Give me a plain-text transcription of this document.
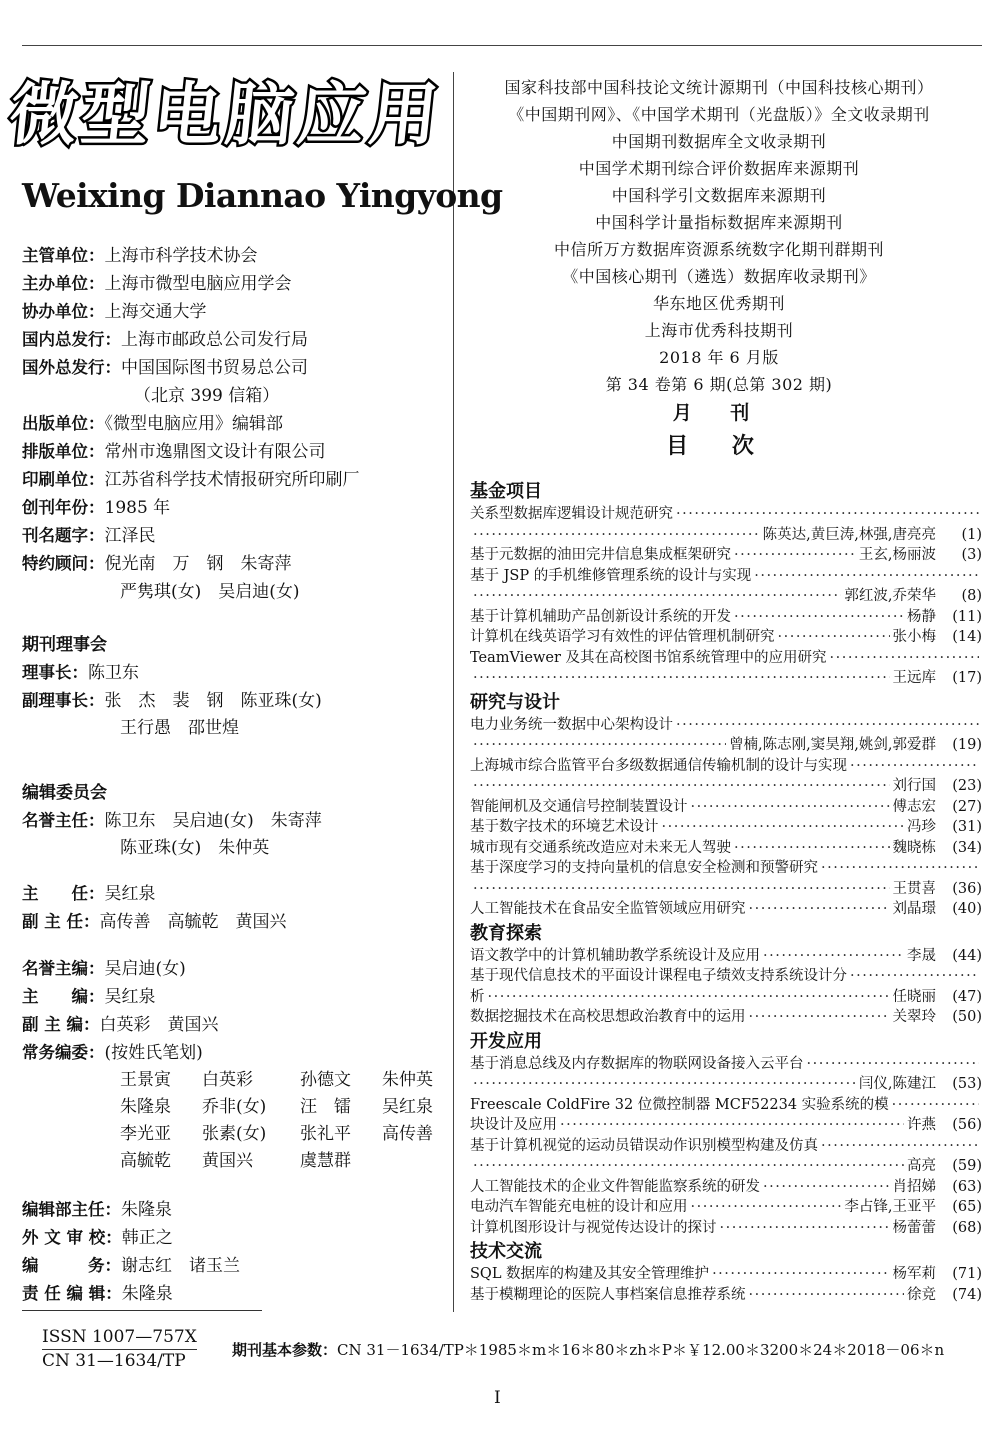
微型电脑应用
Weixing Diannao Yingyong
主管单位：上海市科学技术协会
主办单位：上海市微型电脑应用学会
协办单位：上海交通大学
国内总发行：上海市邮政总公司发行局
国外总发行：中国国际图书贸易总公司
（北京 399 信箱）
出版单位：《微型电脑应用》编辑部
排版单位：常州市逸鼎图文设计有限公司
印刷单位：江苏省科学技术情报研究所印刷厂
创刊年份：1985 年
刊名题字：江泽民
特约顾问：倪光南　万　钢　朱寄萍
严隽琪(女)　吴启迪(女)
期刊理事会
理事长：陈卫东
副理事长：张　杰　裴　钢　陈亚珠(女)
王行愚　邵世煌
编辑委员会
名誉主任：陈卫东　吴启迪(女)　朱寄萍
陈亚珠(女)　朱仲英
主　　任：吴红泉
副 主 任：高传善　高毓乾　黄国兴
名誉主编：吴启迪(女)
主　　编：吴红泉
副 主 编：白英彩　黄国兴
常务编委：(按姓氏笔划)
王景寅	白英彩	孙德文	朱仲英
朱隆泉	乔非(女)	汪　镭	吴红泉
李光亚	张素(女)	张礼平	高传善
高毓乾	黄国兴	虞慧群
编辑部主任：朱隆泉
外 文 审 校：韩正之
编　　　务：谢志红　诸玉兰
责 任 编 辑：朱隆泉
ISSN 1007—757X
CN 31—1634/TP
期刊基本参数：CN 31－1634/TP＊1985＊m＊16＊80＊zh＊P＊￥12.00＊3200＊24＊2018－06＊n
Ⅰ
国家科技部中国科技论文统计源期刊（中国科技核心期刊）
《中国期刊网》、《中国学术期刊（光盘版）》全文收录期刊
中国期刊数据库全文收录期刊
中国学术期刊综合评价数据库来源期刊
中国科学引文数据库来源期刊
中国科学计量指标数据库来源期刊
中信所万方数据库资源系统数字化期刊群期刊
《中国核心期刊（遴选）数据库收录期刊》
华东地区优秀期刊
上海市优秀科技期刊
2018 年 6 月版
第 34 卷第 6 期(总第 302 期)
月 刊
目 次
基金项目
关系型数据库逻辑设计规范研究
·····
·····
陈英达,黄巨涛,林强,唐亮亮	(1)
基于元数据的油田完井信息集成框架研究 ·····	王玄,杨丽波	(3)
基于 JSP 的手机维修管理系统的设计与实现
·····
·····
郭红波,乔荣华	(8)
基于计算机辅助产品创新设计系统的开发 ·····	杨静	(11)
计算机在线英语学习有效性的评估管理机制研究 ·····	张小梅	(14)
TeamViewer 及其在高校图书馆系统管理中的应用研究
·····
·····
王远库	(17)
研究与设计
电力业务统一数据中心架构设计
·····
·····
曾楠,陈志刚,窦昊翔,姚剑,郭爱群	(19)
上海城市综合监管平台多级数据通信传输机制的设计与实现
·····
·····
刘行国	(23)
智能闸机及交通信号控制装置设计 ·····	傅志宏	(27)
基于数字技术的环境艺术设计 ·····	冯珍	(31)
城市现有交通系统改造应对未来无人驾驶 ·····	魏晓栋	(34)
基于深度学习的支持向量机的信息安全检测和预警研究
·····
·····
王贯喜	(36)
人工智能技术在食品安全监管领域应用研究 ·····	刘晶璟	(40)
教育探索
语文教学中的计算机辅助教学系统设计及应用 ·····	李晟	(44)
基于现代信息技术的平面设计课程电子绩效支持系统设计分
·····
析 ·····	任晓丽	(47)
数据挖掘技术在高校思想政治教育中的运用 ·····	关翠玲	(50)
开发应用
基于消息总线及内存数据库的物联网设备接入云平台
·····
·····
闫仪,陈建江	(53)
Freescale ColdFire 32 位微控制器 MCF52234 实验系统的模
·····
块设计及应用 ·····	许燕	(56)
基于计算机视觉的运动员错误动作识别模型构建及仿真
·····
·····
高亮	(59)
人工智能技术的企业文件智能监察系统的研发 ·····	肖招娣	(63)
电动汽车智能充电桩的设计和应用 ·····	李占锋,王亚平	(65)
计算机图形设计与视觉传达设计的探讨 ·····	杨蕾蕾	(68)
技术交流
SQL 数据库的构建及其安全管理维护 ·····	杨军莉	(71)
基于模糊理论的医院人事档案信息推荐系统 ·····	徐竞	(74)
